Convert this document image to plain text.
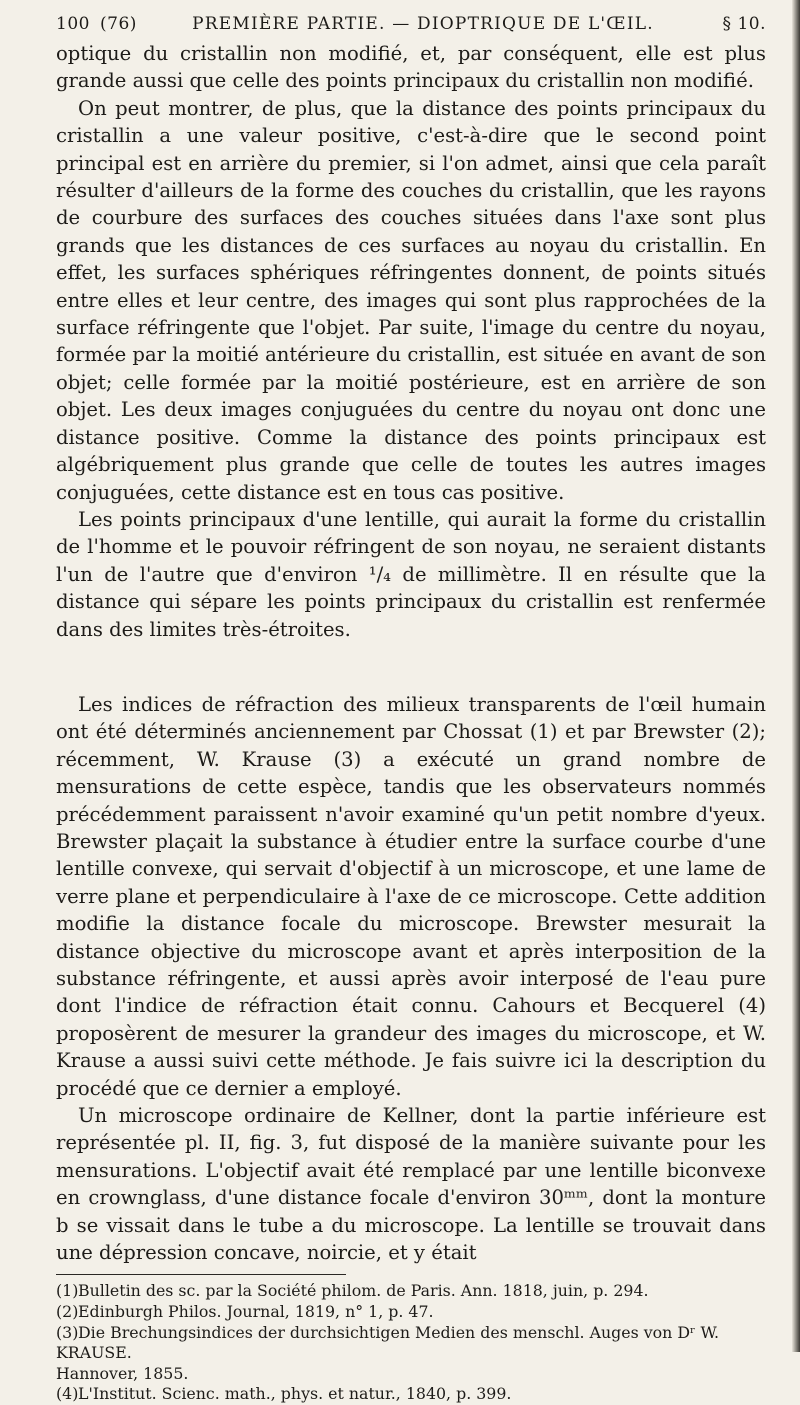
100 (76)	PREMIÈRE PARTIE. — DIOPTRIQUE DE L'ŒIL.	§ 10.

optique du cristallin non modifié, et, par conséquent, elle est plus grande aussi que celle des points principaux du cristallin non modifié.

On peut montrer, de plus, que la distance des points principaux du cristallin a une valeur positive, c'est-à-dire que le second point principal est en arrière du premier, si l'on admet, ainsi que cela paraît résulter d'ailleurs de la forme des couches du cristallin, que les rayons de courbure des surfaces des couches situées dans l'axe sont plus grands que les distances de ces surfaces au noyau du cristallin. En effet, les surfaces sphériques réfringentes donnent, de points situés entre elles et leur centre, des images qui sont plus rapprochées de la surface réfringente que l'objet. Par suite, l'image du centre du noyau, formée par la moitié antérieure du cristallin, est située en avant de son objet; celle formée par la moitié postérieure, est en arrière de son objet. Les deux images conjuguées du centre du noyau ont donc une distance positive. Comme la distance des points principaux est algébriquement plus grande que celle de toutes les autres images conjuguées, cette distance est en tous cas positive.

Les points principaux d'une lentille, qui aurait la forme du cristallin de l'homme et le pouvoir réfringent de son noyau, ne seraient distants l'un de l'autre que d'environ ¹/₄ de millimètre. Il en résulte que la distance qui sépare les points principaux du cristallin est renfermée dans des limites très-étroites.

Les indices de réfraction des milieux transparents de l'œil humain ont été déterminés anciennement par Chossat (1) et par Brewster (2); récemment, W. Krause (3) a exécuté un grand nombre de mensurations de cette espèce, tandis que les observateurs nommés précédemment paraissent n'avoir examiné qu'un petit nombre d'yeux. Brewster plaçait la substance à étudier entre la surface courbe d'une lentille convexe, qui servait d'objectif à un microscope, et une lame de verre plane et perpendiculaire à l'axe de ce microscope. Cette addition modifie la distance focale du microscope. Brewster mesurait la distance objective du microscope avant et après interposition de la substance réfringente, et aussi après avoir interposé de l'eau pure dont l'indice de réfraction était connu. Cahours et Becquerel (4) proposèrent de mesurer la grandeur des images du microscope, et W. Krause a aussi suivi cette méthode. Je fais suivre ici la description du procédé que ce dernier a employé.

Un microscope ordinaire de Kellner, dont la partie inférieure est représentée pl. II, fig. 3, fut disposé de la manière suivante pour les mensurations. L'objectif avait été remplacé par une lentille biconvexe en crownglass, d'une distance focale d'environ 30ᵐᵐ, dont la monture b se vissait dans le tube a du microscope. La lentille se trouvait dans une dépression concave, noircie, et y était

(1)Bulletin des sc. par la Société philom. de Paris. Ann. 1818, juin, p. 294.
(2)Edinburgh Philos. Journal, 1819, n° 1, p. 47.
(3)Die Brechungsindices der durchsichtigen Medien des menschl. Auges von Dʳ W. KRAUSE.
Hannover, 1855.
(4)L'Institut. Scienc. math., phys. et natur., 1840, p. 399.
